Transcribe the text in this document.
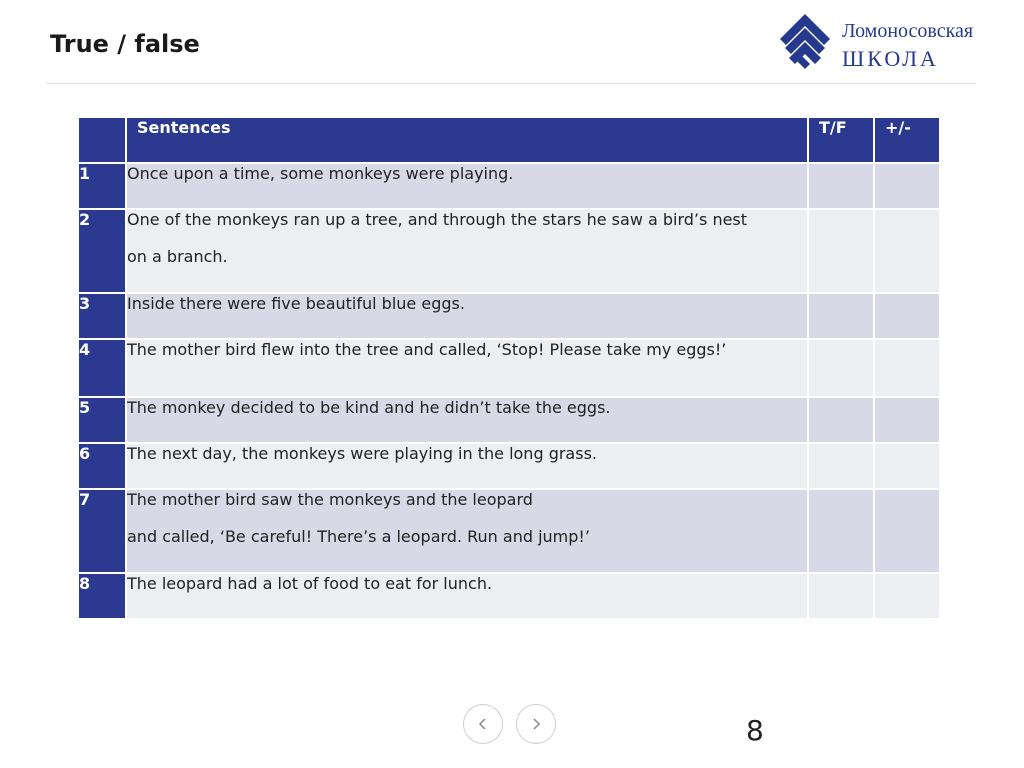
True / false	Ломоносовская
ШКОЛА
	Sentences	T/F	+/-
1	Once upon a time, some monkeys were playing.		

2	One of the monkeys ran up a tree, and through the stars he saw a bird’s nest
on a branch.		

3	Inside there were five beautiful blue eggs.		

4	The mother bird flew into the tree and called, ‘Stop! Please take my eggs!’		

5	The monkey decided to be kind and he didn’t take the eggs.		

6	The next day, the monkeys were playing in the long grass.		

7	The mother bird saw the monkeys and the leopard
and called, ‘Be careful! There’s a leopard. Run and jump!’		

8	The leopard had a lot of food to eat for lunch.		

8
